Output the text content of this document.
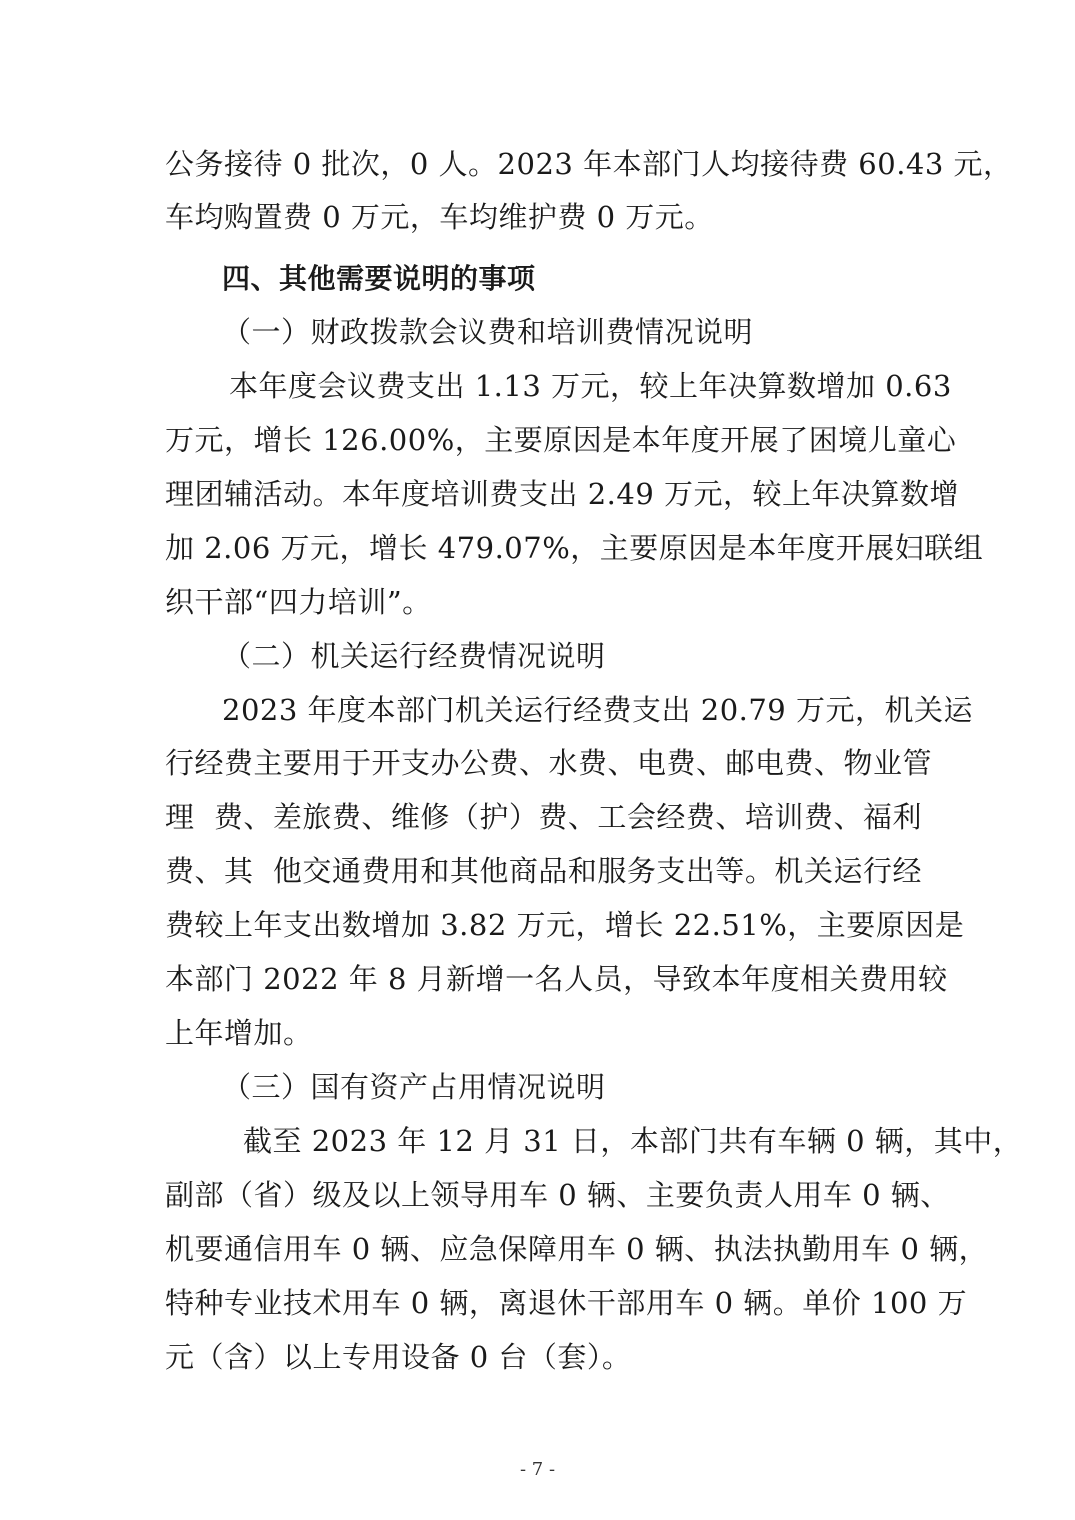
公务接待 0 批次，0 人。2023 年本部门人均接待费 60.43 元，
车均购置费 0 万元，车均维护费 0 万元。
四、其他需要说明的事项
（一）财政拨款会议费和培训费情况说明
本年度会议费支出 1.13 万元，较上年决算数增加 0.63
万元，增长 126.00%，主要原因是本年度开展了困境儿童心
理团辅活动。本年度培训费支出 2.49 万元，较上年决算数增
加 2.06 万元，增长 479.07%，主要原因是本年度开展妇联组
织干部“四力培训”。
（二）机关运行经费情况说明
2023 年度本部门机关运行经费支出 20.79 万元，机关运
行经费主要用于开支办公费、水费、电费、邮电费、物业管
理  费、差旅费、维修（护）费、工会经费、培训费、福利
费、其  他交通费用和其他商品和服务支出等。机关运行经
费较上年支出数增加 3.82 万元，增长 22.51%，主要原因是
本部门 2022 年 8 月新增一名人员，导致本年度相关费用较
上年增加。
（三）国有资产占用情况说明
截至 2023 年 12 月 31 日，本部门共有车辆 0 辆，其中，
副部（省）级及以上领导用车 0 辆、主要负责人用车 0 辆、
机要通信用车 0 辆、应急保障用车 0 辆、执法执勤用车 0 辆，
特种专业技术用车 0 辆，离退休干部用车 0 辆。单价 100 万
元（含）以上专用设备 0 台（套）。
- 7 -
